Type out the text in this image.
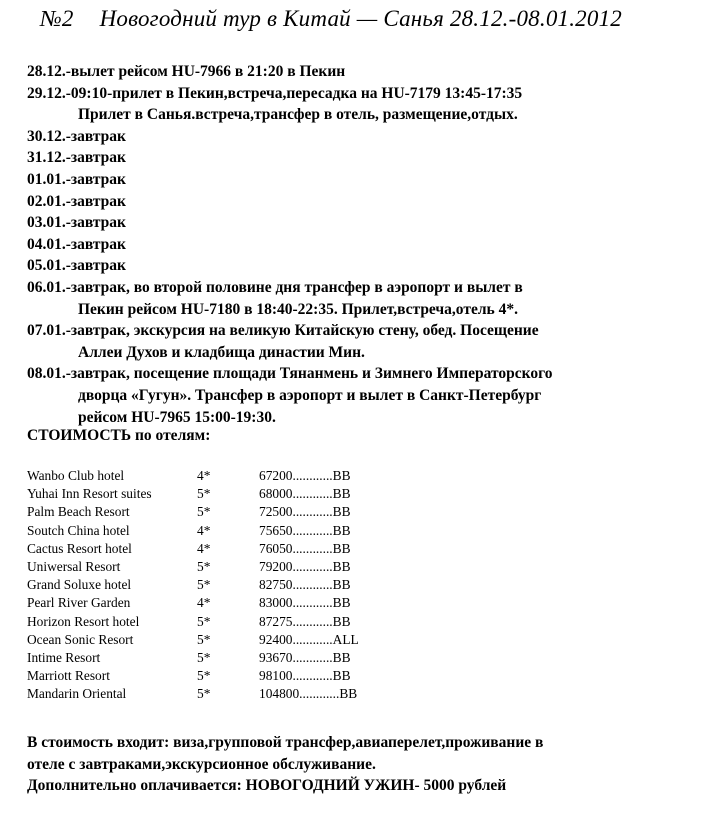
№2 Новогодний тур в Китай — Санья 28.12.-08.01.2012
28.12.-вылет рейсом HU-7966 в 21:20 в Пекин
29.12.-09:10-прилет в Пекин,встреча,пересадка на HU-7179 13:45-17:35
Прилет в Санья.встреча,трансфер в отель, размещение,отдых.
30.12.-завтрак
31.12.-завтрак
01.01.-завтрак
02.01.-завтрак
03.01.-завтрак
04.01.-завтрак
05.01.-завтрак
06.01.-завтрак, во второй половине дня трансфер в аэропорт и вылет в
Пекин рейсом HU-7180 в 18:40-22:35. Прилет,встреча,отель 4*.
07.01.-завтрак, экскурсия на великую Китайскую стену, обед. Посещение
Аллеи Духов и кладбища династии Мин.
08.01.-завтрак, посещение площади Тянанмень и Зимнего Императорского
дворца «Гугун». Трансфер в аэропорт и вылет в Санкт-Петербург
рейсом HU-7965 15:00-19:30.
СТОИМОСТЬ по отелям:
Wanbo Club hotel	4*	67200............BB
Yuhai Inn Resort suites	5*	68000............BB
Palm Beach Resort	5*	72500............BB
Soutch China hotel	4*	75650............BB
Cactus Resort hotel	4*	76050............BB
Uniwersal Resort	5*	79200............BB
Grand Soluxe hotel	5*	82750............BB
Pearl River Garden	4*	83000............BB
Horizon Resort hotel	5*	87275............BB
Ocean Sonic Resort	5*	92400............ALL
Intime Resort	5*	93670............BB
Marriott Resort	5*	98100............BB
Mandarin Oriental	5*	104800............BB
В стоимость входит: виза,групповой трансфер,авиаперелет,проживание в
отеле с завтраками,экскурсионное обслуживание.
Дополнительно оплачивается: НОВОГОДНИЙ УЖИН- 5000 рублей
